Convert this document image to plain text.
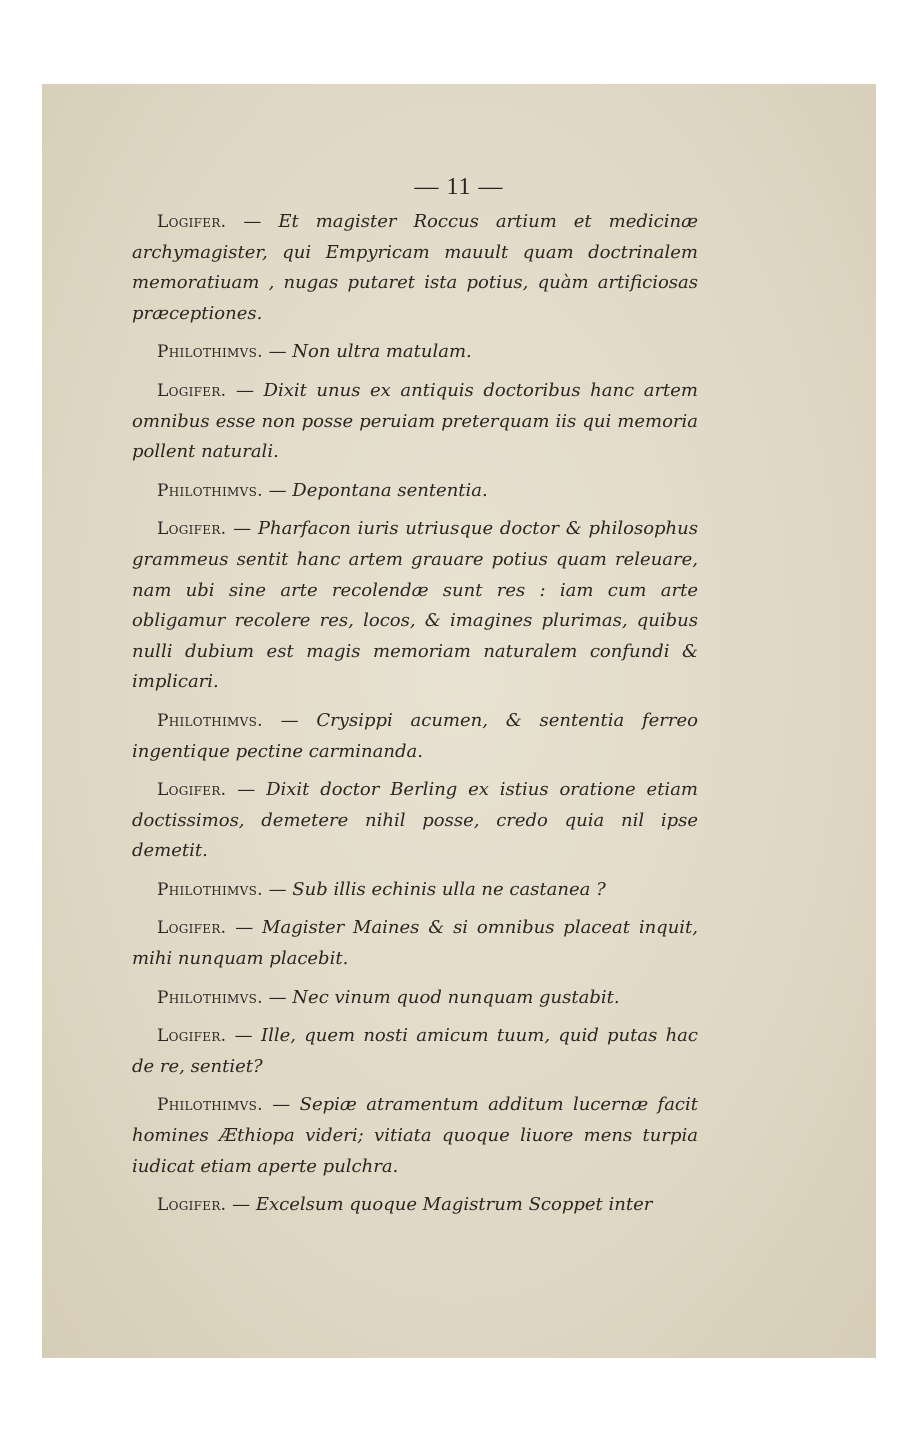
— 11 —

Logifer. — Et magister Roccus artium et medicinæ archymagister, qui Empyricam mauult quam doctrinalem memoratiuam , nugas putaret ista potius, quàm artificiosas præceptiones.

Philothimvs. — Non ultra matulam.

Logifer. — Dixit unus ex antiquis doctoribus hanc artem omnibus esse non posse peruiam preterquam iis qui memoria pollent naturali.

Philothimvs. — Depontana sententia.

Logifer. — Pharfacon iuris utriusque doctor & philosophus grammeus sentit hanc artem grauare potius quam releuare, nam ubi sine arte recolendæ sunt res : iam cum arte obligamur recolere res, locos, & imagines plurimas, quibus nulli dubium est magis memoriam naturalem confundi & implicari.

Philothimvs. — Crysippi acumen, & sententia ferreo ingentique pectine carminanda.

Logifer. — Dixit doctor Berling ex istius oratione etiam doctissimos, demetere nihil posse, credo quia nil ipse demetit.

Philothimvs. — Sub illis echinis ulla ne castanea ?

Logifer. — Magister Maines & si omnibus placeat inquit, mihi nunquam placebit.

Philothimvs. — Nec vinum quod nunquam gustabit.

Logifer. — Ille, quem nosti amicum tuum, quid putas hac de re, sentiet?

Philothimvs. — Sepiæ atramentum additum lucernæ facit homines Æthiopa videri; vitiata quoque liuore mens turpia iudicat etiam aperte pulchra.

Logifer. — Excelsum quoque Magistrum Scoppet inter
